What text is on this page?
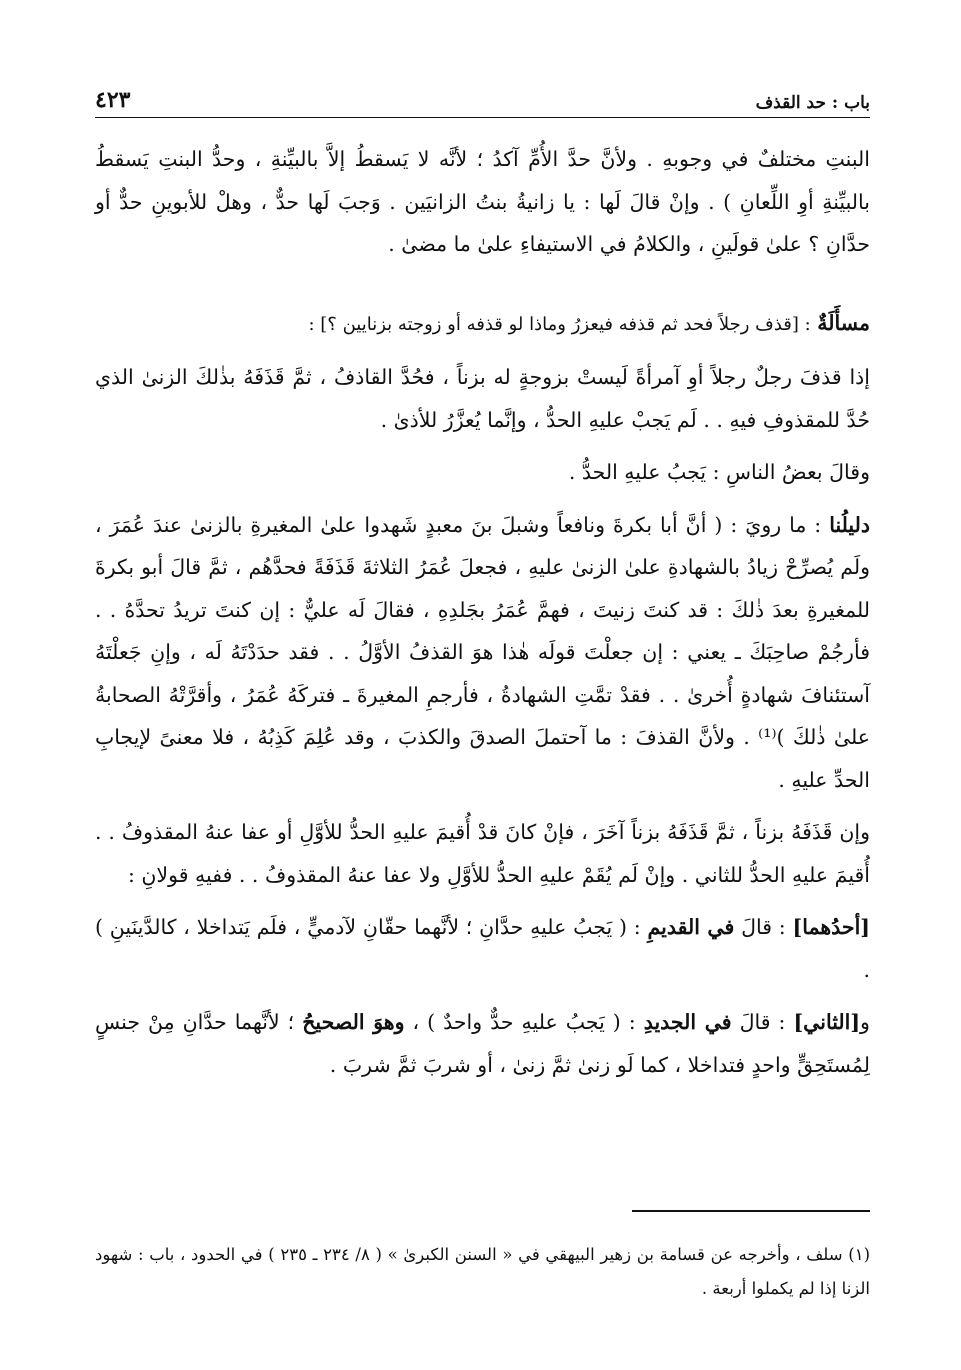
باب : حد القذف
٤٢٣

البنتِ مختلفٌ في وجوبهِ . ولأنَّ حدَّ الأُمِّ آكدُ ؛ لأنَّه لا يَسقطُ إلاَّ بالبيِّنةِ ، وحدُّ البنتِ يَسقطُ بالبيِّنةِ أوِ اللِّعانِ ) . وإنْ قالَ لَها : يا زانيةُ بنتُ الزانيَين . وَجبَ لَها حدٌّ ، وهلْ للأبوينِ حدٌّ أو حدَّانِ ؟ علىٰ قولَينِ ، والكلامُ في الاستيفاءِ علىٰ ما مضىٰ .

مسأَلَةٌ : [قذف رجلاً فحد ثم قذفه فيعزرُ وماذا لو قذفه أو زوجته بزنايين ؟] :

إذا قذفَ رجلٌ رجلاً أوِ آمرأةً لَيستْ بزوجةٍ له بزناً ، فحُدَّ القاذفُ ، ثمَّ قَذَفَهُ بذٰلكَ الزنىٰ الذي حُدَّ للمقذوفِ فيهِ . . لَم يَجبْ عليهِ الحدُّ ، وإنَّما يُعزَّرُ للأذىٰ .

وقالَ بعضُ الناسِ : يَجبُ عليهِ الحدُّ .

دليلُنا : ما رويَ : ( أنَّ أبا بكرةَ ونافعاً وشبلَ بنَ معبدٍ شَهدوا علىٰ المغيرةِ بالزنىٰ عندَ عُمَرَ ، ولَم يُصرِّحْ زيادُ بالشهادةِ علىٰ الزنىٰ عليهِ ، فجعلَ عُمَرُ الثلاثةَ قَذَفَةً فحدَّهُم ، ثمَّ قالَ أبو بكرةَ للمغيرةِ بعدَ ذٰلكَ : قد كنتَ زنيتَ ، فهمَّ عُمَرُ بجَلدِهِ ، فقالَ لَه عليٌّ : إن كنتَ تريدُ تحدَّهُ . . فأرجُمْ صاحِبَكَ ـ يعني : إن جعلْتَ قولَه هٰذا هوَ القذفُ الأوَّلُ . . فقد حدَدْتَهُ لَه ، وإنِ جَعلْتَهُ آستئنافَ شهادةٍ أُخرىٰ . . فقدْ تمَّتِ الشهادةُ ، فأرجمِ المغيرةَ ـ فتركَهُ عُمَرُ ، وأقرَّتْهُ الصحابةُ علىٰ ذٰلكَ )⁽¹⁾ . ولأنَّ القذفَ : ما آحتملَ الصدقَ والكذبَ ، وقد عُلِمَ كَذِبُهُ ، فلا معنىً لإيجابِ الحدِّ عليهِ .

وإن قَذَفَهُ بزناً ، ثمَّ قَذَفَهُ بزناً آخَرَ ، فإنْ كانَ قدْ أُقيمَ عليهِ الحدُّ للأوَّلِ أو عفا عنهُ المقذوفُ . . أُقيمَ عليهِ الحدُّ للثاني . وإنْ لَم يُقَمْ عليهِ الحدُّ للأوَّلِ ولا عفا عنهُ المقذوفُ . . ففيهِ قولانِ :

[أحدُهما] : قالَ في القديمِ : ( يَجبُ عليهِ حدَّانِ ؛ لأنَّهما حقّانِ لآدميٍّ ، فلَم يَتداخلا ، كالدَّينَينِ ) .

و[الثاني] : قالَ في الجديدِ : ( يَجبُ عليهِ حدٌّ واحدٌ ) ، وهوَ الصحيحُ ؛ لأنَّهما حدَّانِ مِنْ جنسٍ لِمُستَحِقٍّ واحدٍ فتداخلا ، كما لَو زنىٰ ثمَّ زنىٰ ، أو شربَ ثمَّ شربَ .

(١) سلف ، وأخرجه عن قسامة بن زهير البيهقي في « السنن الكبرىٰ » ( ٨/ ٢٣٤ ـ ٢٣٥ ) في الحدود ، باب : شهود الزنا إذا لم يكملوا أربعة .
